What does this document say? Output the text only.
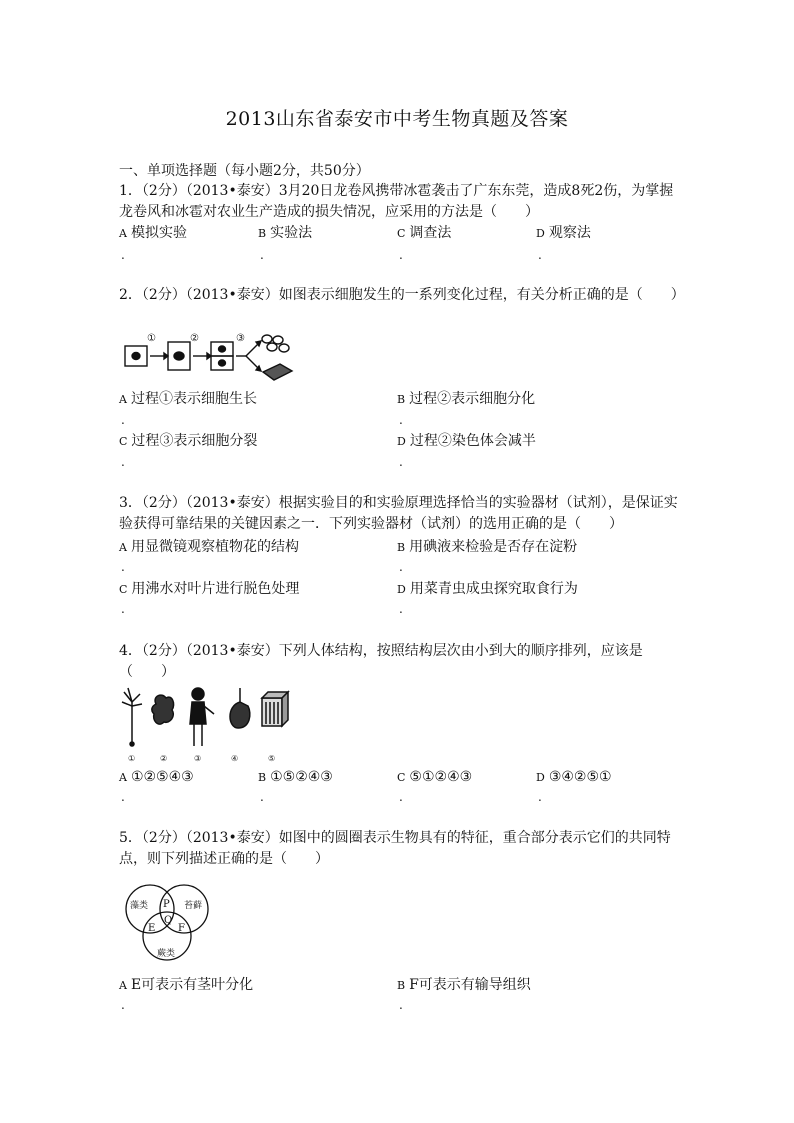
2013山东省泰安市中考生物真题及答案
一、单项选择题（每小题2分，共50分）
1．（2分）（2013•泰安）3月20日龙卷风携带冰雹袭击了广东东莞，造成8死2伤，为掌握龙卷风和冰雹对农业生产造成的损失情况，应采用的方法是（　　）
A 模拟实验	B 实验法	C 调查法	D 观察法
.	.	.	.
2．（2分）（2013•泰安）如图表示细胞发生的一系列变化过程，有关分析正确的是（　　）
①	②	③
A 过程①表示细胞生长	B 过程②表示细胞分化
.	.
C 过程③表示细胞分裂	D 过程②染色体会减半
.	.
3．（2分）（2013•泰安）根据实验目的和实验原理选择恰当的实验器材（试剂），是保证实验获得可靠结果的关键因素之一．下列实验器材（试剂）的选用正确的是（　　）
A 用显微镜观察植物花的结构	B 用碘液来检验是否存在淀粉
.	.
C 用沸水对叶片进行脱色处理	D 用菜青虫成虫探究取食行为
.	.
4．（2分）（2013•泰安）下列人体结构，按照结构层次由小到大的顺序排列，应该是（　　）
①	②	③	④	⑤
A ①②⑤④③	B ①⑤②④③	C ⑤①②④③	D ③④②⑤①
.	.	.	.
5．（2分）（2013•泰安）如图中的圆圈表示生物具有的特征，重合部分表示它们的共同特点，则下列描述正确的是（　　）
藻类	苔藓
蕨类
P
Q
E F
A E可表示有茎叶分化	B F可表示有输导组织
.	.
